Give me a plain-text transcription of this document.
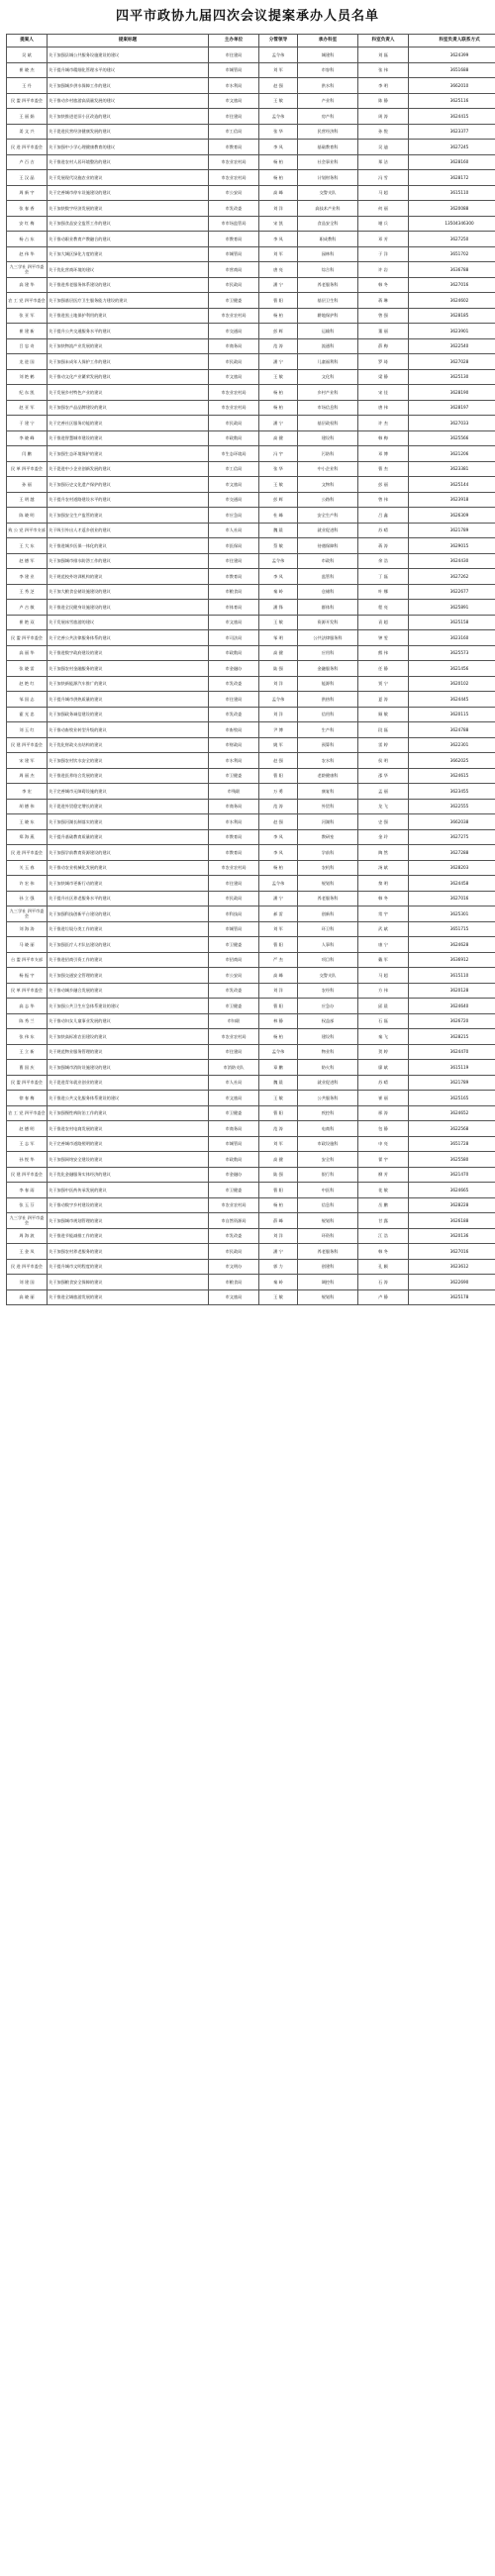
四平市政协九届四次会议提案承办人员名单
提案人	提案标题	主办单位	分管领导	承办科室	科室负责人	科室负责人联系方式
吴 斌	关于加强县城公共服务设施建设的建议	市住建局	孟令伟	城建科	刘 磊	3624399
崔 晓 杰	关于提升城市精细化管理水平的建议	市城管局	刘 军	市容科	张 伟	3651688
王 丹	关于加强城乡供水保障工作的建议	市水利局	赵 强	供水科	李 明	3662010
民 盟 四平市委会	关于推动乡村旅游高质量发展的建议	市文旅局	王 敏	产业科	陈 静	3625116
王 丽 娟	关于加快推进老旧小区改造的建议	市住建局	孟令伟	房产科	周 涛	3624415
姜 文 兴	关于促进民营经济健康发展的建议	市工信局	张 华	民营经济科	孙 悦	3623377
民 进 四平市委会	关于加强中小学心理健康教育的建议	市教育局	李 凤	基础教育科	吴 迪	3627245
卢 百 吉	关于推进农村人居环境整治的建议	市农业农村局	杨 柏	社会事业科	郑 洁	3628160
王 汉 晶	关于发展现代设施农业的建议	市农业农村局	杨 柏	计划财务科	冯 雪	3628172
周 新 宇	关于完善城市停车设施建设的建议	市公安局	高 峰	交警支队	马 超	3615110
张 春 香	关于加快数字经济发展的建议	市发改委	刘 洋	高技术产业科	何 丽	3620088
安 红 梅	关于加强食品安全监管工作的建议	市市场监管局	宋 凯	食品安全科	谢 兵	13504346300
杨 占 东	关于推动职业教育产教融合的建议	市教育局	李 凤	职成教科	邓 芳	3627250
赵 伟 华	关于加大城区绿化力度的建议	市城管局	刘 军	园林科	于 洋	3651702
九三学社 四平市委会	关于优化营商环境的建议	市营商局	唐 亮	综合科	许 岩	3636788
高 建 华	关于推进养老服务体系建设的建议	市民政局	潘 宁	养老服务科	韩 冬	3627016
农 工 党 四平市委会	关于加强基层医疗卫生服务能力建设的建议	市卫健委	曹 阳	基层卫生科	蒋 琳	3624602
张 亚 军	关于推进黑土地保护利用的建议	市农业农村局	杨 柏	耕地保护科	曾 强	3628185
崔 建 新	关于提升公共交通服务水平的建议	市交通局	彭 辉	运输科	董 丽	3623901
吕 忠 奇	关于加快物流产业发展的建议	市商务局	范 涛	流通科	薛 梅	3622540
龙 进 国	关于加强未成年人保护工作的建议	市民政局	潘 宁	儿童福利科	罗 琦	3627028
刘 艳 鹤	关于推动文化产业繁荣发展的建议	市文旅局	王 敏	文化科	梁 静	3625130
纪 东 凯	关于发展乡村特色产业的建议	市农业农村局	杨 柏	乡村产业科	宋 佳	3628190
赵 亚 军	关于加强农产品品牌建设的建议	市农业农村局	杨 柏	市场信息科	唐 伟	3628197
于 建 宁	关于完善社区服务功能的建议	市民政局	潘 宁	基层政权科	许 杰	3627033
李 晓 峰	关于推进智慧城市建设的建议	市政数局	高 健	建设科	韩 梅	3625566
闫 鹏	关于加强生态环境保护的建议	市生态环境局	冯 宇	污防科	邓 博	3621206
民 革 四平市委会	关于促进中小企业创新发展的建议	市工信局	张 华	中小企业科	曹 杰	3623381
孙 丽	关于加强历史文化遗产保护的建议	市文旅局	王 敏	文物科	彭 丽	3625144
王 明 越	关于提升农村道路建设水平的建议	市交通局	彭 辉	公路科	曾 伟	3623918
陈 晓 明	关于加强安全生产监管的建议	市应急局	杜 峰	安全生产科	吕 鑫	3626309
致 公 党 四平市支部	关于吸引外出人才返乡创业的建议	市人社局	魏 晨	就业促进科	苏 晴	3621789
王 大 东	关于推进城乡医保一体化的建议	市医保局	蔡 敏	待遇保障科	蒋 涛	3629015
赵 德 军	关于加强城市排水防涝工作的建议	市住建局	孟令伟	市政科	余 浩	3624430
李 建 业	关于规范校外培训机构的建议	市教育局	李 凤	监管科	丁 磊	3627262
王 秀 芝	关于加大粮食仓储设施建设的建议	市粮食局	秦 岭	仓储科	叶 娜	3622677
卢 吉 敏	关于推进全民健身设施建设的建议	市体育局	潘 锋	群体科	程 亮	3625891
崔 艳 双	关于发展冰雪旅游的建议	市文旅局	王 敏	资源开发科	袁 超	3625158
民 盟 四平市委会	关于完善公共法律服务体系的建议	市司法局	邹 明	公共法律服务科	钟 雯	3623160
高 丽 华	关于推进数字政府建设的建议	市政数局	高 健	应用科	熊 伟	3625573
张 晓 雷	关于加强农村金融服务的建议	市金融办	陆 强	金融服务科	任 静	3621456
赵 艳 红	关于加快新能源汽车推广的建议	市发改委	刘 洋	能源科	贾 宁	3620102
邹 国 志	关于提升城市供热质量的建议	市住建局	孟令伟	供热科	夏 涛	3624445
霍 光 忠	关于加强政务诚信建设的建议	市发改委	刘 洋	信用科	顾 敏	3620115
刘 玉 红	关于推动畜牧业转型升级的建议	市畜牧局	尹 博	生产科	段 磊	3624788
民 建 四平市委会	关于优化财政支出结构的建议	市财政局	姚 军	预算科	雷 婷	3622301
宋 建 军	关于加强农村饮水安全的建议	市水利局	赵 强	农水科	侯 明	3662025
周 丽 杰	关于推进医养结合发展的建议	市卫健委	曹 阳	老龄健康科	邵 华	3624615
李 宏	关于完善城市无障碍设施的建议	市残联	万 勇	康复科	孟 丽	3623455
胡 德 伟	关于促进外贸稳定增长的建议	市商务局	范 涛	外贸科	龙 飞	3622555
王 晓 东	关于加强河湖长制落实的建议	市水利局	赵 强	河湖科	史 强	3662038
郑 海 燕	关于提升基础教育质量的建议	市教育局	李 凤	教研室	金 玲	3627275
民 进 四平市委会	关于加强学前教育资源建设的建议	市教育局	李 凤	学前科	陶 然	3627288
关 玉 春	关于推动农业机械化发展的建议	市农业农村局	杨 柏	农机科	汤 斌	3628203
许 宏 伟	关于加快城市更新行动的建议	市住建局	孟令伟	规划科	黎 明	3624458
孙 立 强	关于提升社区养老服务水平的建议	市民政局	潘 宁	养老服务科	韩 冬	3627016
九三学社 四平市委会	关于加强科技创新平台建设的建议	市科技局	郝 雷	创新科	常 宇	3625301
刘 海 涛	关于推进垃圾分类工作的建议	市城管局	刘 军	环卫科	武 斌	3651715
马 晓 丽	关于加强医疗人才队伍建设的建议	市卫健委	曹 阳	人事科	康 宁	3624628
台 盟 四平市支部	关于推进招商引资工作的建议	市招商局	严 杰	项目科	戴 军	3636912
杨 振 宇	关于加强交通安全管理的建议	市公安局	高 峰	交警支队	马 超	3615110
民 革 四平市委会	关于推动城乡融合发展的建议	市发改委	刘 洋	农经科	方 伟	3620128
高 志 华	关于加强公共卫生应急体系建设的建议	市卫健委	曹 阳	应急办	邱 晨	3624640
陈 秀 兰	关于推动妇女儿童事业发展的建议	市妇联	林 静	权益部	石 磊	3626720
张 伟 东	关于加快高标准农田建设的建议	市农业农村局	杨 柏	建设科	秦 飞	3628215
王 立 新	关于规范物业服务管理的建议	市住建局	孟令伟	物业科	贺 婷	3624470
曹 国 庆	关于加强城市消防设施建设的建议	市消防支队	章 鹏	防火科	廖 斌	3615119
民 盟 四平市委会	关于促进青年就业创业的建议	市人社局	魏 晨	就业促进科	苏 晴	3621789
徐 春 梅	关于推进公共文化服务体系建设的建议	市文旅局	王 敏	公共服务科	崔 丽	3625165
农 工 党 四平市委会	关于加强慢性病防治工作的建议	市卫健委	曹 阳	疾控科	邢 涛	3624652
赵 德 明	关于推进农村电商发展的建议	市商务局	范 涛	电商科	包 静	3622568
王 志 军	关于完善城市道路照明的建议	市城管局	刘 军	市政设施科	申 亮	3651728
孙 悦 华	关于加强网络安全建设的建议	市政数局	高 健	安全科	翟 宇	3625580
民 建 四平市委会	关于优化金融服务实体经济的建议	市金融办	陆 强	银行科	柳 芳	3621470
李 春 雨	关于加强中医药传承发展的建议	市卫健委	曹 阳	中医科	花 敏	3624665
张 玉 芬	关于推动数字乡村建设的建议	市农业农村局	杨 柏	信息科	岳 鹏	3628228
九三学社 四平市委会	关于加强城市规划管理的建议	市自然资源局	薛 峰	规划科	甘 露	3626188
周 海 波	关于推进节能减排工作的建议	市发改委	刘 洋	环资科	江 浩	3620136
王 金 凤	关于加强农村养老服务的建议	市民政局	潘 宁	养老服务科	韩 冬	3627016
民 进 四平市委会	关于提升城市文明程度的建议	市文明办	郭 力	创建科	孔 颖	3623612
刘 建 国	关于加强粮食安全保障的建议	市粮食局	秦 岭	调控科	石 涛	3622690
高 晓 丽	关于推进全域旅游发展的建议	市文旅局	王 敏	规划科	卢 静	3625178
